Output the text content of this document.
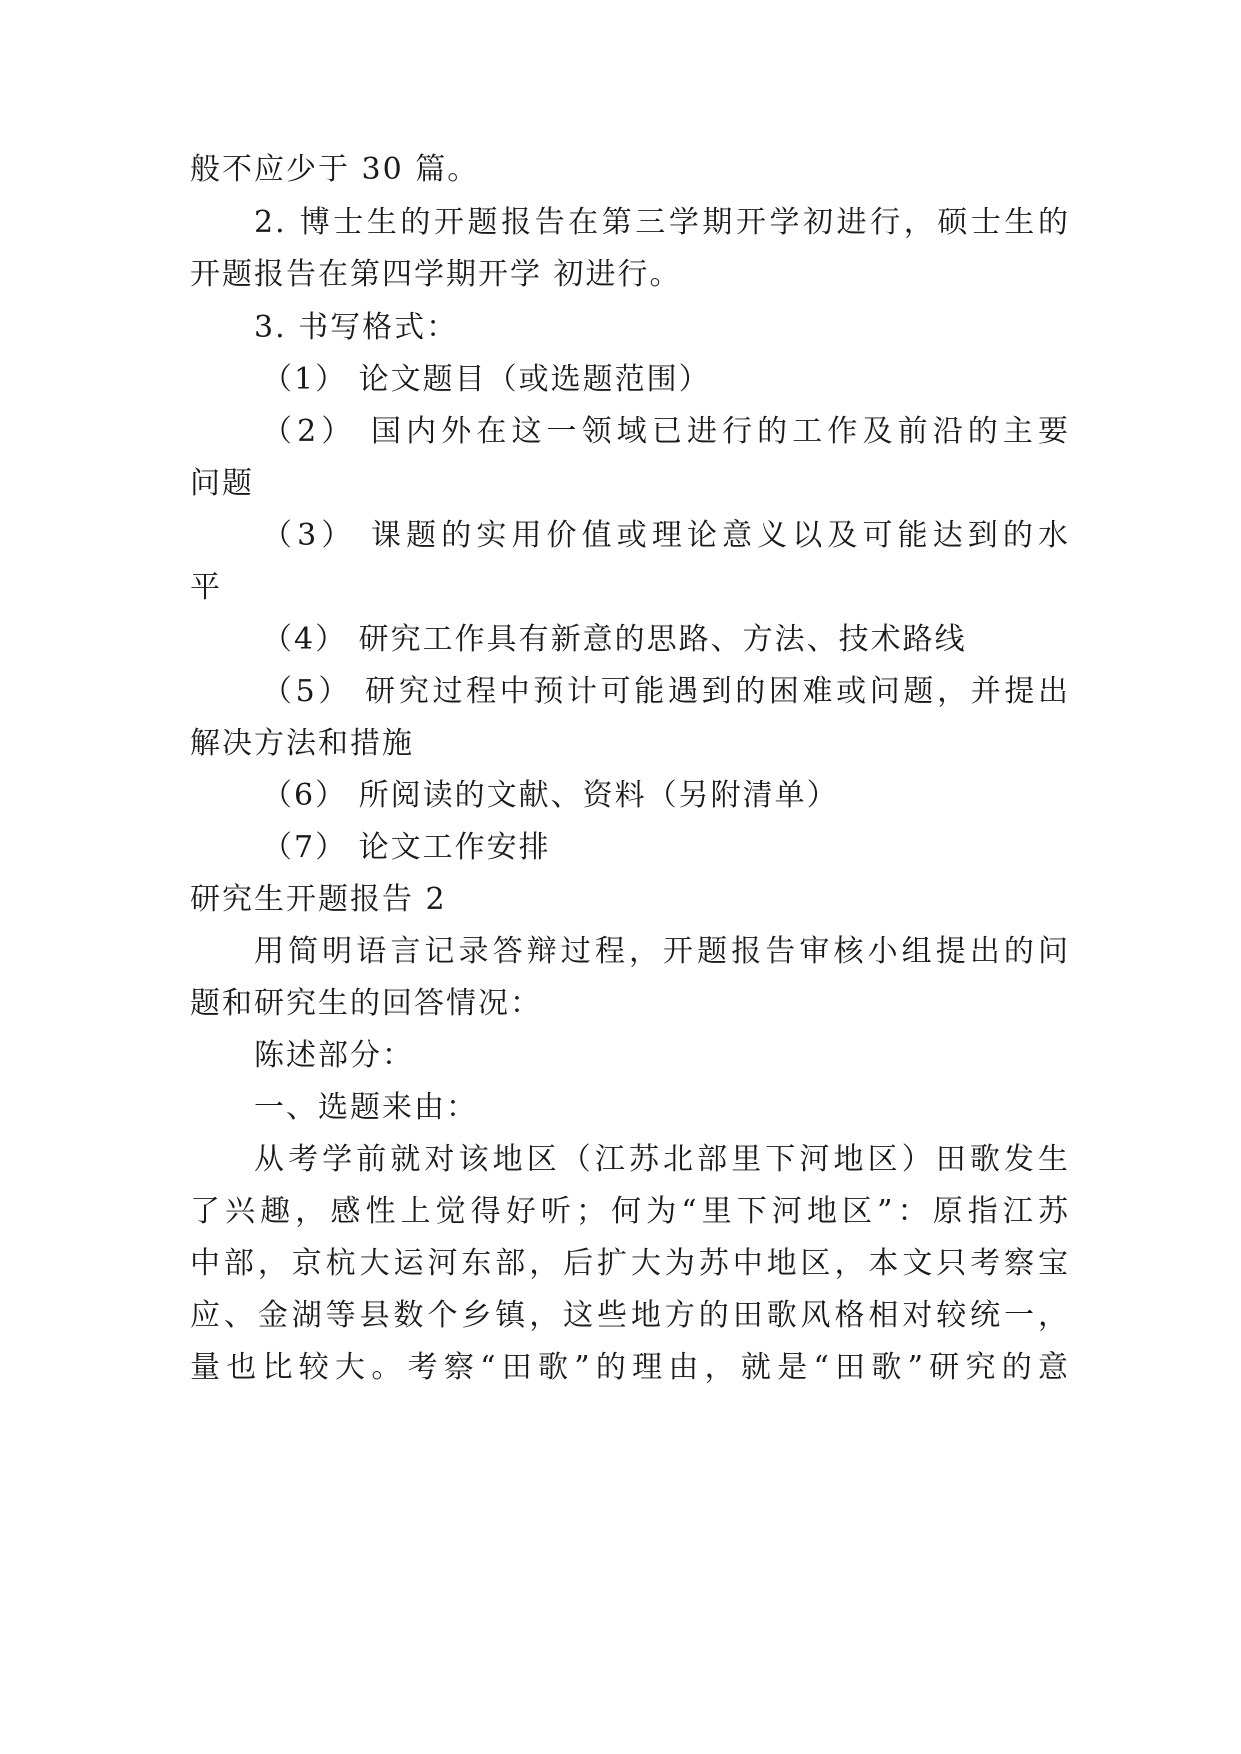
般不应少于 30 篇。
2. 博士生的开题报告在第三学期开学初进行，硕士生的
开题报告在第四学期开学 初进行。
3. 书写格式：
（1） 论文题目（或选题范围）
（2） 国内外在这一领域已进行的工作及前沿的主要
问题
（3） 课题的实用价值或理论意义以及可能达到的水
平
（4） 研究工作具有新意的思路、方法、技术路线
（5） 研究过程中预计可能遇到的困难或问题，并提出
解决方法和措施
（6） 所阅读的文献、资料（另附清单）
（7） 论文工作安排
研究生开题报告 2
用简明语言记录答辩过程，开题报告审核小组提出的问
题和研究生的回答情况：
陈述部分：
一、选题来由：
从考学前就对该地区（江苏北部里下河地区）田歌发生
了兴趣，感性上觉得好听；何为“里下河地区”：原指江苏
中部，京杭大运河东部，后扩大为苏中地区，本文只考察宝
应、金湖等县数个乡镇，这些地方的田歌风格相对较统一，
量也比较大。考察“田歌”的理由，就是“田歌”研究的意
